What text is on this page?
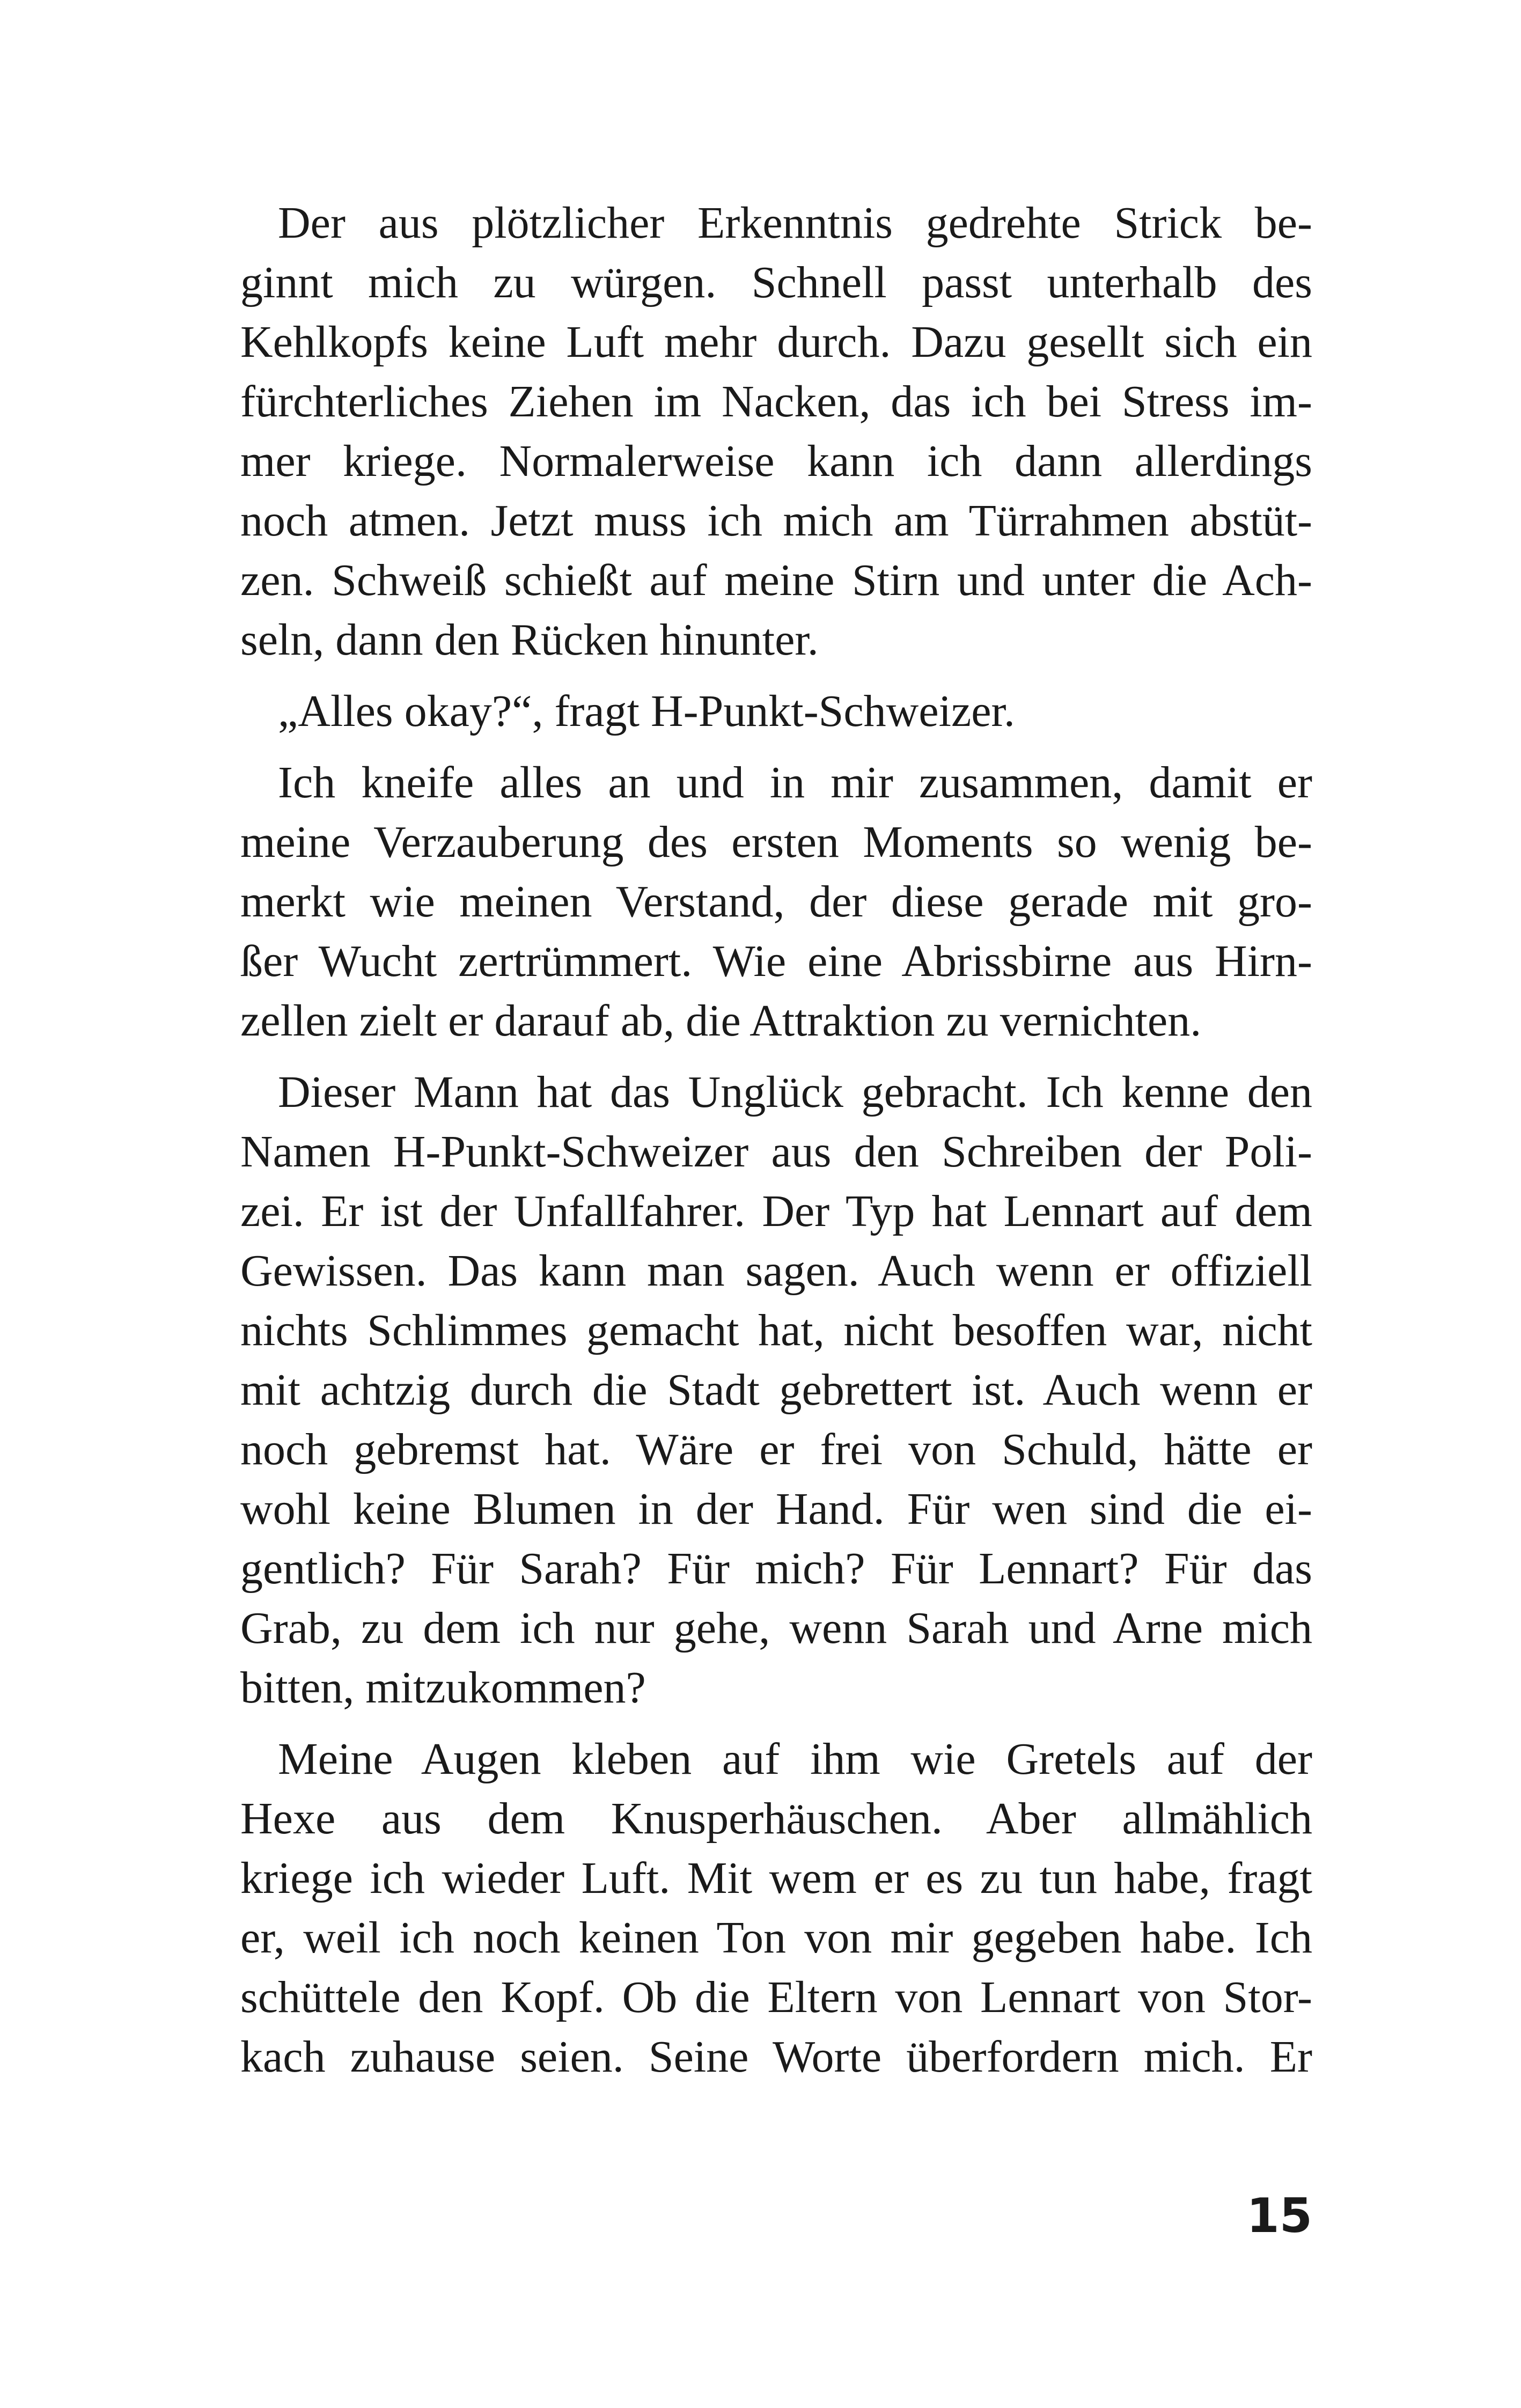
Der aus plötzlicher Erkenntnis gedrehte Strick be-
ginnt mich zu würgen. Schnell passt unterhalb des
Kehlkopfs keine Luft mehr durch. Dazu gesellt sich ein
fürchterliches Ziehen im Nacken, das ich bei Stress im-
mer kriege. Normalerweise kann ich dann allerdings
noch atmen. Jetzt muss ich mich am Türrahmen abstüt-
zen. Schweiß schießt auf meine Stirn und unter die Ach-
seln, dann den Rücken hinunter.

„Alles okay?“, fragt H-Punkt-Schweizer.

Ich kneife alles an und in mir zusammen, damit er
meine Verzauberung des ersten Moments so wenig be-
merkt wie meinen Verstand, der diese gerade mit gro-
ßer Wucht zertrümmert. Wie eine Abrissbirne aus Hirn-
zellen zielt er darauf ab, die Attraktion zu vernichten.

Dieser Mann hat das Unglück gebracht. Ich kenne den
Namen H-Punkt-Schweizer aus den Schreiben der Poli-
zei. Er ist der Unfallfahrer. Der Typ hat Lennart auf dem
Gewissen. Das kann man sagen. Auch wenn er offiziell
nichts Schlimmes gemacht hat, nicht besoffen war, nicht
mit achtzig durch die Stadt gebrettert ist. Auch wenn er
noch gebremst hat. Wäre er frei von Schuld, hätte er
wohl keine Blumen in der Hand. Für wen sind die ei-
gentlich? Für Sarah? Für mich? Für Lennart? Für das
Grab, zu dem ich nur gehe, wenn Sarah und Arne mich
bitten, mitzukommen?

Meine Augen kleben auf ihm wie Gretels auf der
Hexe aus dem Knusperhäuschen. Aber allmählich
kriege ich wieder Luft. Mit wem er es zu tun habe, fragt
er, weil ich noch keinen Ton von mir gegeben habe. Ich
schüttele den Kopf. Ob die Eltern von Lennart von Stor-
kach zuhause seien. Seine Worte überfordern mich. Er

15
